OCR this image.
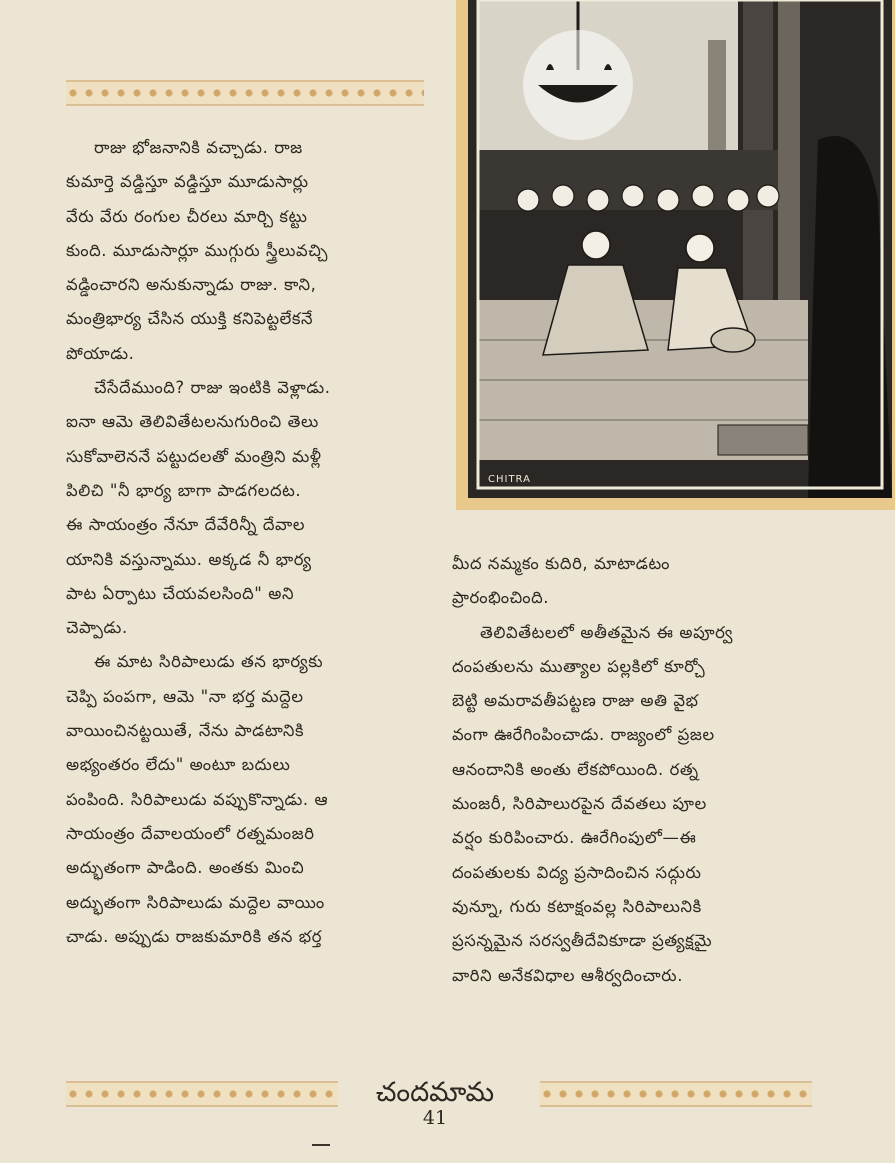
CHITRA
రాజు భోజనానికి వచ్చాడు. రాజ
కుమార్తె వడ్డిస్తూ వడ్డిస్తూ మూడుసార్లు
వేరు వేరు రంగుల చీరలు మార్చి కట్టు
కుంది. మూడుసార్లూ ముగ్గురు స్త్రీలువచ్చి
వడ్డించారని అనుకున్నాడు రాజు. కాని,
మంత్రిభార్య చేసిన యుక్తి కనిపెట్టలేకనే
పోయాడు.
చేసేదేముంది? రాజు ఇంటికి వెళ్లాడు.
ఐనా ఆమె తెలివితేటలనుగురించి తెలు
సుకోవాలెననే పట్టుదలతో మంత్రిని మళ్లీ
పిలిచి "నీ భార్య బాగా పాడగలదట.
ఈ సాయంత్రం నేనూ దేవేరిన్నీ దేవాల
యానికి వస్తున్నాము. అక్కడ నీ భార్య
పాట ఏర్పాటు చేయవలసింది" అని
చెప్పాడు.
ఈ మాట సిరిపాలుడు తన భార్యకు
చెప్పి పంపగా, ఆమె "నా భర్త మద్దెల
వాయించినట్టయితే, నేను పాడటానికి
అభ్యంతరం లేదు" అంటూ బదులు
పంపింది. సిరిపాలుడు వప్పుకొన్నాడు. ఆ
సాయంత్రం దేవాలయంలో రత్నమంజరి
అద్భుతంగా పాడింది. అంతకు మించి
అద్భుతంగా సిరిపాలుడు మద్దెల వాయిం
చాడు. అప్పుడు రాజకుమారికి తన భర్త
మీద నమ్మకం కుదిరి, మాటాడటం
ప్రారంభించింది.
తెలివితేటలలో అతీతమైన ఈ అపూర్వ
దంపతులను ముత్యాల పల్లకిలో కూర్చో
బెట్టి అమరావతీపట్టణ రాజు అతి వైభ
వంగా ఊరేగింపించాడు. రాజ్యంలో ప్రజల
ఆనందానికి అంతు లేకపోయింది. రత్న
మంజరీ, సిరిపాలురపైన దేవతలు పూల
వర్షం కురిపించారు. ఊరేగింపులో—ఈ
దంపతులకు విద్య ప్రసాదించిన సద్గురు
వున్నూ, గురు కటాక్షంవల్ల సిరిపాలునికి
ప్రసన్నమైన సరస్వతీదేవికూడా ప్రత్యక్షమై
వారిని అనేకవిధాల ఆశీర్వదించారు.
చందమామ
41
